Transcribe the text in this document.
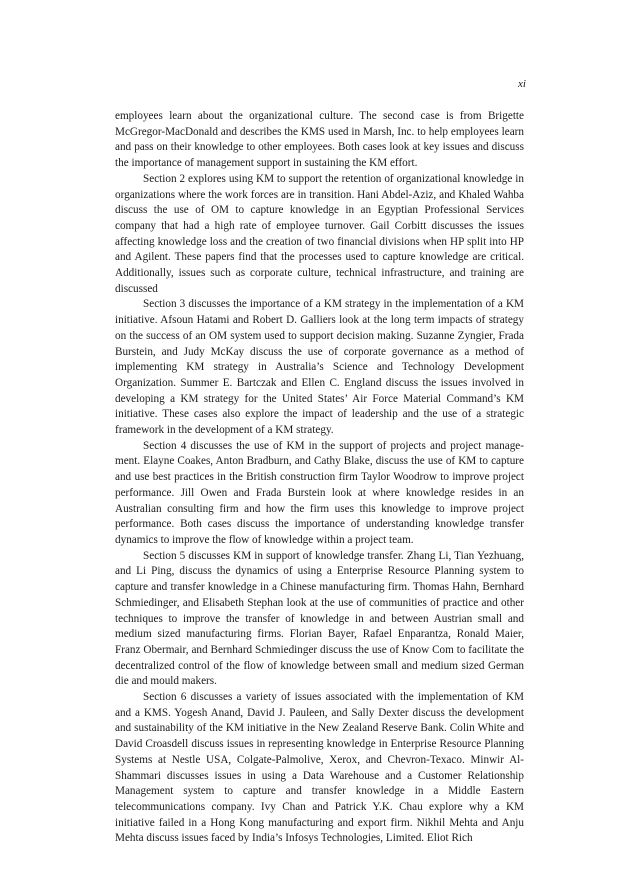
xi

employees learn about the organizational culture. The second case is from Brigette McGregor-MacDonald and describes the KMS used in Marsh, Inc. to help employees learn and pass on their knowledge to other employees. Both cases look at key issues and discuss the importance of management support in sustaining the KM effort.

Section 2 explores using KM to support the retention of organizational knowledge in organizations where the work forces are in transition. Hani Abdel-Aziz, and Khaled Wahba discuss the use of OM to capture knowledge in an Egyptian Professional Services company that had a high rate of employee turnover. Gail Corbitt discusses the issues affecting knowledge loss and the creation of two financial divisions when HP split into HP and Agilent. These papers find that the processes used to capture knowledge are critical. Additionally, issues such as corporate culture, technical infrastructure, and training are discussed

Section 3 discusses the importance of a KM strategy in the implementation of a KM initiative. Afsoun Hatami and Robert D. Galliers look at the long term impacts of strategy on the success of an OM system used to support decision making. Suzanne Zyngier, Frada Burstein, and Judy McKay discuss the use of corporate governance as a method of implementing KM strategy in Australia’s Science and Technology Development Organization. Summer E. Bartczak and Ellen C. England discuss the issues involved in developing a KM strategy for the United States’ Air Force Material Command’s KM initiative. These cases also explore the impact of leadership and the use of a strategic framework in the development of a KM strategy.

Section 4 discusses the use of KM in the support of projects and project management. Elayne Coakes, Anton Bradburn, and Cathy Blake, discuss the use of KM to capture and use best practices in the British construction firm Taylor Woodrow to improve project performance. Jill Owen and Frada Burstein look at where knowledge resides in an Australian consulting firm and how the firm uses this knowledge to improve project performance. Both cases discuss the importance of understanding knowledge transfer dynamics to improve the flow of knowledge within a project team.

Section 5 discusses KM in support of knowledge transfer. Zhang Li, Tian Yezhuang, and Li Ping, discuss the dynamics of using a Enterprise Resource Planning system to capture and transfer knowledge in a Chinese manufacturing firm. Thomas Hahn, Bernhard Schmiedinger, and Elisabeth Stephan look at the use of communities of practice and other techniques to improve the transfer of knowledge in and between Austrian small and medium sized manufacturing firms. Florian Bayer, Rafael Enparantza, Ronald Maier, Franz Obermair, and Bernhard Schmiedinger discuss the use of Know Com to facilitate the decentralized control of the flow of knowledge between small and medium sized German die and mould makers.

Section 6 discusses a variety of issues associated with the implementation of KM and a KMS. Yogesh Anand, David J. Pauleen, and Sally Dexter discuss the development and sustainability of the KM initiative in the New Zealand Reserve Bank. Colin White and David Croasdell discuss issues in representing knowledge in Enterprise Resource Planning Systems at Nestle USA, Colgate-Palmolive, Xerox, and Chevron-Texaco. Minwir Al-Shammari discusses issues in using a Data Warehouse and a Customer Relationship Management system to capture and transfer knowledge in a Middle Eastern telecommunications company. Ivy Chan and Patrick Y.K. Chau explore why a KM initiative failed in a Hong Kong manufacturing and export firm. Nikhil Mehta and Anju Mehta discuss issues faced by India’s Infosys Technologies, Limited. Eliot Rich
